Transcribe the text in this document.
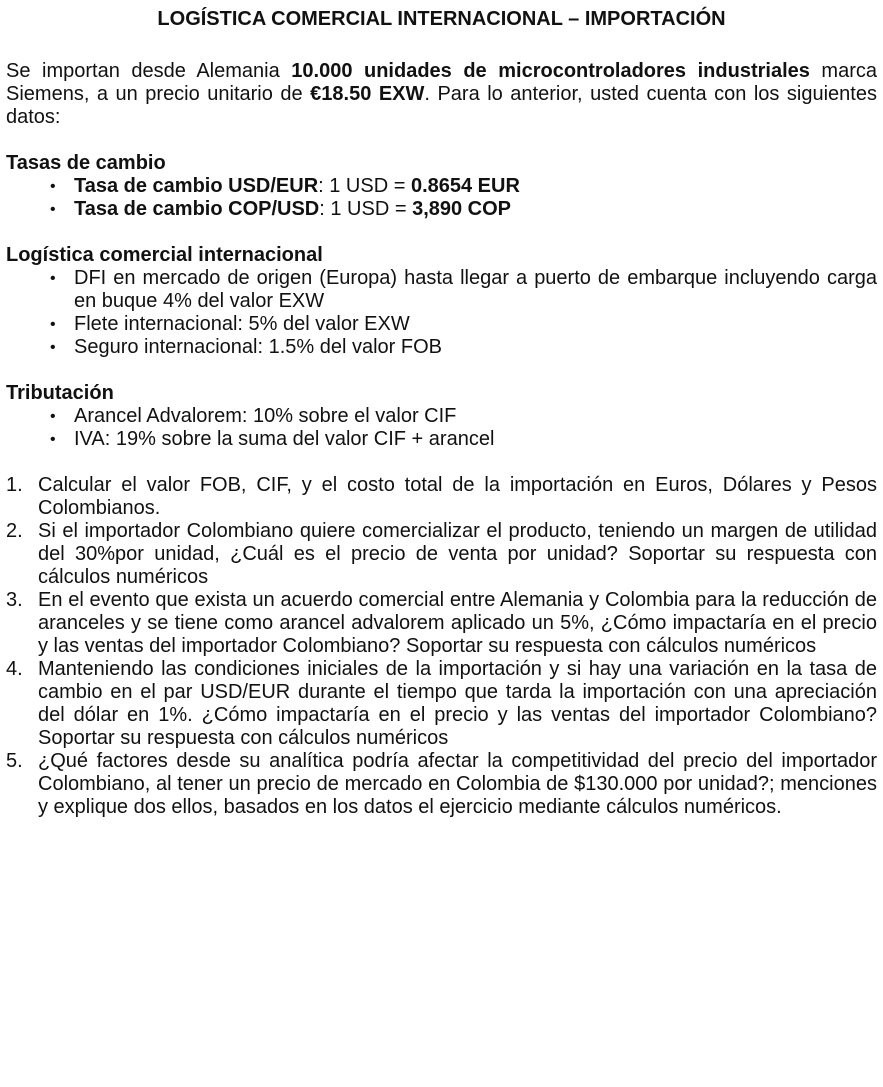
LOGÍSTICA COMERCIAL INTERNACIONAL – IMPORTACIÓN

Se importan desde Alemania 10.000 unidades de microcontroladores industriales marca Siemens, a un precio unitario de €18.50 EXW. Para lo anterior, usted cuenta con los siguientes datos:

Tasas de cambio
• Tasa de cambio USD/EUR: 1 USD = 0.8654 EUR
• Tasa de cambio COP/USD: 1 USD = 3,890 COP
Logística comercial internacional
• DFI en mercado de origen (Europa) hasta llegar a puerto de embarque incluyendo carga en buque 4% del valor EXW
• Flete internacional: 5% del valor EXW
• Seguro internacional: 1.5% del valor FOB
Tributación
• Arancel Advalorem: 10% sobre el valor CIF
• IVA: 19% sobre la suma del valor CIF + arancel
1. Calcular el valor FOB, CIF, y el costo total de la importación en Euros, Dólares y Pesos Colombianos.
2. Si el importador Colombiano quiere comercializar el producto, teniendo un margen de utilidad del 30%por unidad, ¿Cuál es el precio de venta por unidad? Soportar su respuesta con cálculos numéricos
3. En el evento que exista un acuerdo comercial entre Alemania y Colombia para la reducción de aranceles y se tiene como arancel advalorem aplicado un 5%, ¿Cómo impactaría en el precio y las ventas del importador Colombiano? Soportar su respuesta con cálculos numéricos
4. Manteniendo las condiciones iniciales de la importación y si hay una variación en la tasa de cambio en el par USD/EUR durante el tiempo que tarda la importación con una apreciación del dólar en 1%. ¿Cómo impactaría en el precio y las ventas del importador Colombiano? Soportar su respuesta con cálculos numéricos
5. ¿Qué factores desde su analítica podría afectar la competitividad del precio del importador Colombiano, al tener un precio de mercado en Colombia de $130.000 por unidad?; menciones y explique dos ellos, basados en los datos el ejercicio mediante cálculos numéricos.
